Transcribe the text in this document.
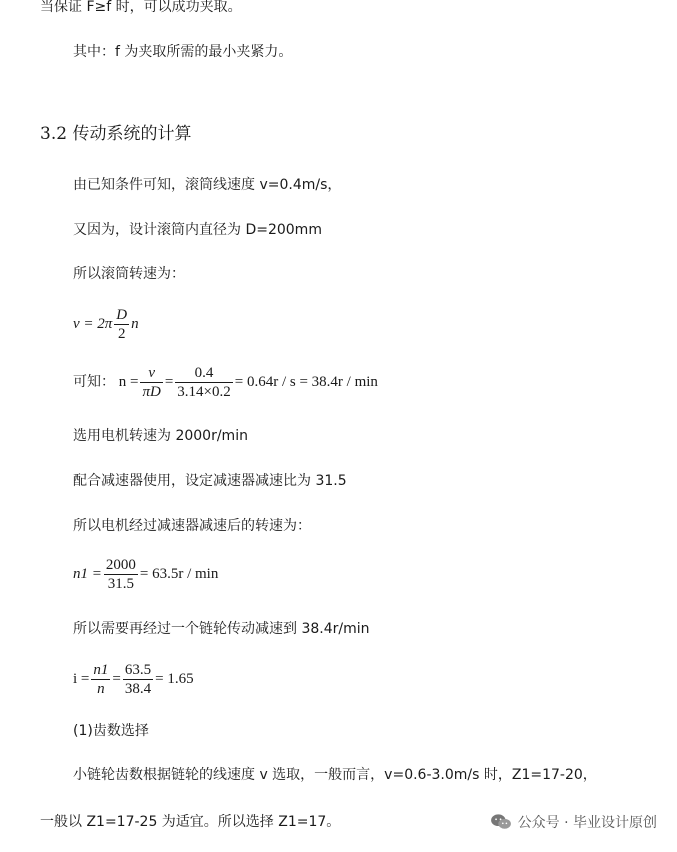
当保证 F≥f 时，可以成功夹取。
其中：f 为夹取所需的最小夹紧力。
3.2 传动系统的计算
由已知条件可知，滚筒线速度 v=0.4m/s，
又因为，设计滚筒内直径为 D=200mm
所以滚筒转速为：
$v = 2\pi \frac{D}{2}$ n
可知： $n = \frac{v}{\pi D} = \frac{0.4}{3.14\times 0.2} = 0.64r / s = 38.4r / \min$
选用电机转速为 2000r/min
配合减速器使用，设定减速器减速比为 31.5
所以电机经过减速器减速后的转速为：
$n1 = \frac{2000}{31.5} = 63.5r / \min$
所以需要再经过一个链轮传动减速到 38.4r/min
$i = \frac{n1}{n} = \frac{63.5}{38.4} = 1.65$
(1)齿数选择
小链轮齿数根据链轮的线速度 v 选取，一般而言，v=0.6-3.0m/s 时，Z1=17-20，
一般以 Z1=17-25 为适宜。所以选择 Z1=17。	公众号 · 毕业设计原创
